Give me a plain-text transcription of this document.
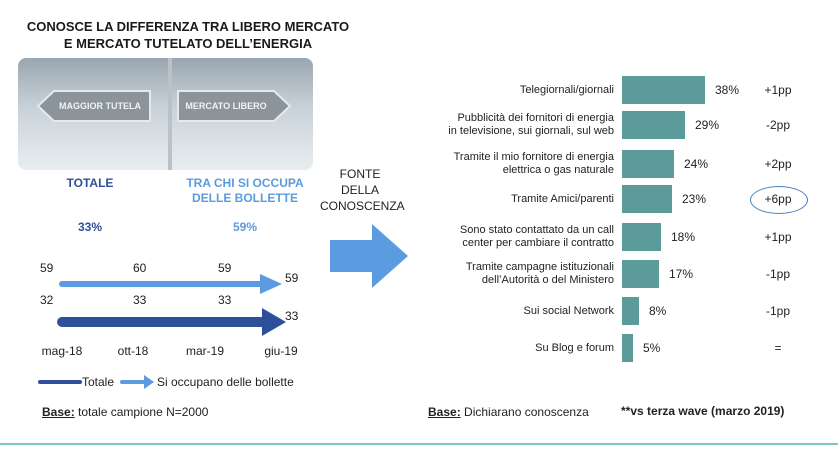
CONOSCE LA DIFFERENZA TRA LIBERO MERCATO
E MERCATO TUTELATO DELL’ENERGIA
MAGGIOR TUTELA	MERCATO LIBERO
TOTALE	TRA CHI SI OCCUPA
DELLE BOLLETTE
33%	59%
32	33	33
33
59	60	59
59
mag-18	ott-18	mar-19	giu-19
Totale	Si occupano delle bollette
Base: totale campione N=2000
FONTE
DELLA
CONOSCENZA
Telegiornali/giornali	38%	+1pp
Pubblicità dei fornitori di energia
in televisione, sui giornali, sul web	29%	-2pp
Tramite il mio fornitore di energia
elettrica o gas naturale	24%	+2pp
Tramite Amici/parenti	23%	+6pp
Sono stato contattato da un call
center per cambiare il contratto	18%	+1pp
Tramite campagne istituzionali
dell’Autorità o del Ministero	17%	-1pp
Sui social Network	8%	-1pp
Su Blog e forum 5%	=
Base: Dichiarano conoscenza	**vs terza wave (marzo 2019)
